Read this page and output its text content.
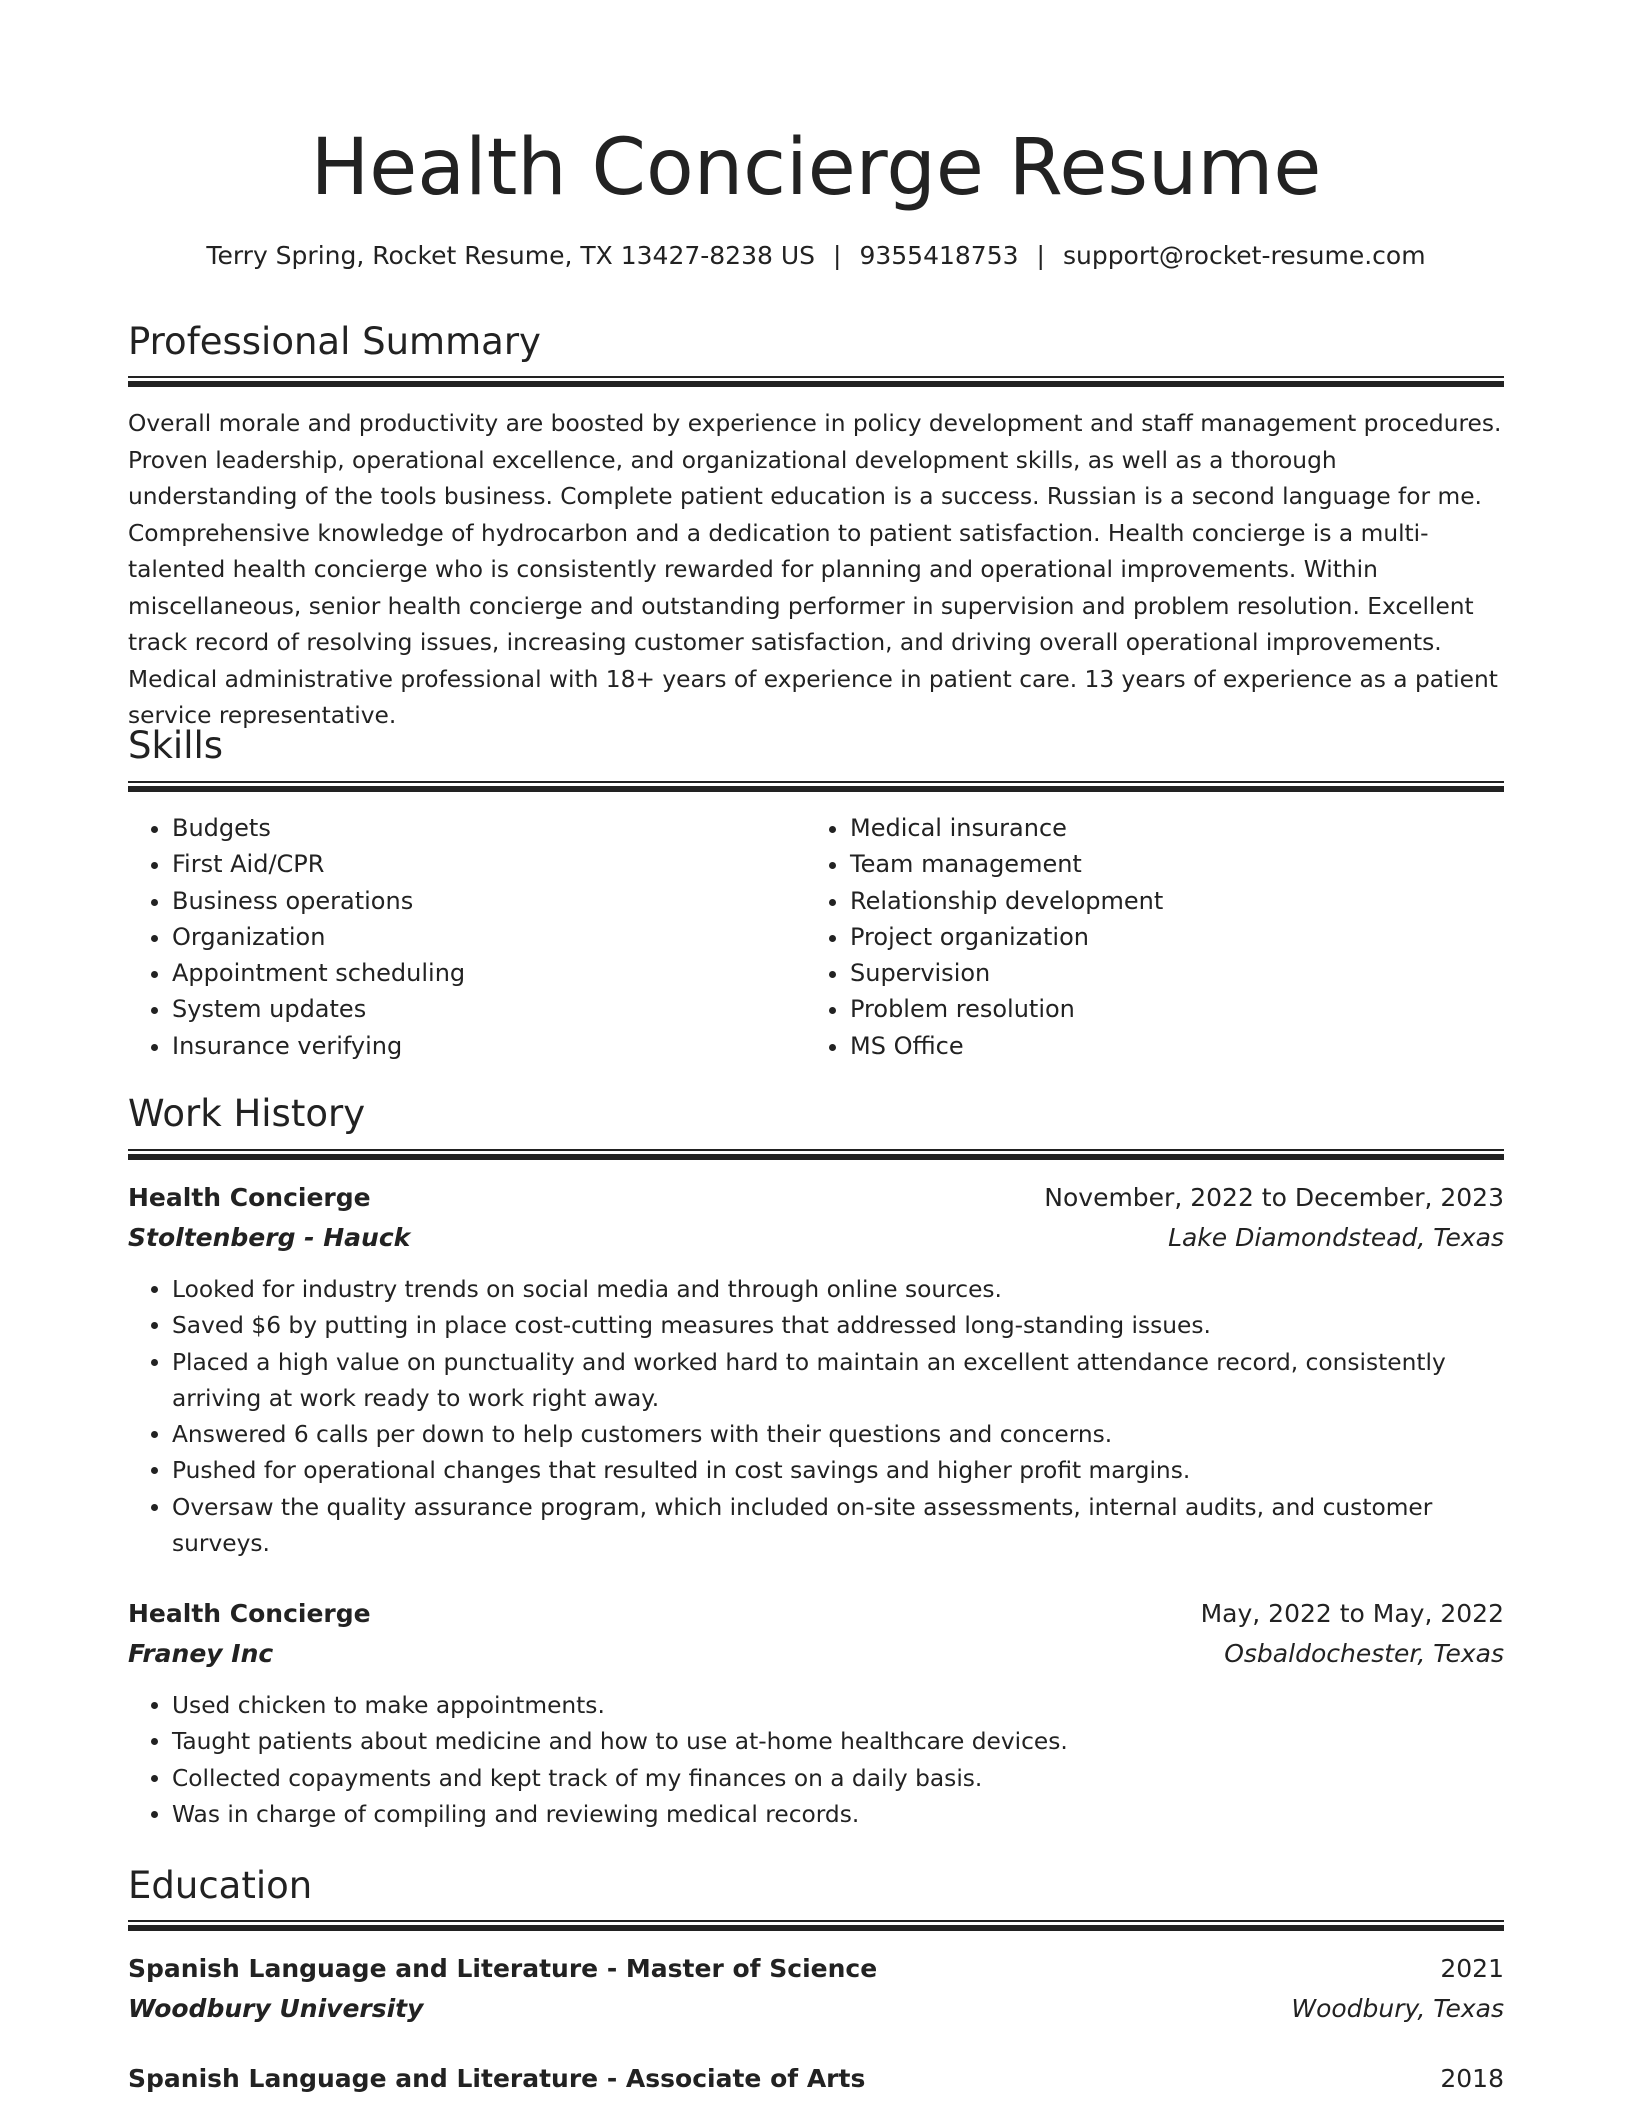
Health Concierge Resume
Terry Spring, Rocket Resume, TX 13427-8238 US | 9355418753 | support@rocket-resume.com
Professional Summary

Overall morale and productivity are boosted by experience in policy development and staff management procedures. Proven leadership, operational excellence, and organizational development skills, as well as a thorough understanding of the tools business. Complete patient education is a success. Russian is a second language for me. Comprehensive knowledge of hydrocarbon and a dedication to patient satisfaction. Health concierge is a multi-talented health concierge who is consistently rewarded for planning and operational improvements. Within miscellaneous, senior health concierge and outstanding performer in supervision and problem resolution. Excellent track record of resolving issues, increasing customer satisfaction, and driving overall operational improvements. Medical administrative professional with 18+ years of experience in patient care. 13 years of experience as a patient service representative.

Skills
• Budgets
• First Aid/CPR
• Business operations
• Organization
• Appointment scheduling
• System updates
• Insurance verifying
• Medical insurance
• Team management
• Relationship development
• Project organization
• Supervision
• Problem resolution
• MS Office
Work History
Health Concierge	November, 2022 to December, 2023
Stoltenberg - Hauck	Lake Diamondstead, Texas
• Looked for industry trends on social media and through online sources.
• Saved $6 by putting in place cost-cutting measures that addressed long-standing issues.
• Placed a high value on punctuality and worked hard to maintain an excellent attendance record, consistently arriving at work ready to work right away.
• Answered 6 calls per down to help customers with their questions and concerns.
• Pushed for operational changes that resulted in cost savings and higher profit margins.
• Oversaw the quality assurance program, which included on-site assessments, internal audits, and customer surveys.
Health Concierge	May, 2022 to May, 2022
Franey Inc	Osbaldochester, Texas
• Used chicken to make appointments.
• Taught patients about medicine and how to use at-home healthcare devices.
• Collected copayments and kept track of my finances on a daily basis.
• Was in charge of compiling and reviewing medical records.
Education
Spanish Language and Literature - Master of Science	2021
Woodbury University	Woodbury, Texas
Spanish Language and Literature - Associate of Arts	2018
